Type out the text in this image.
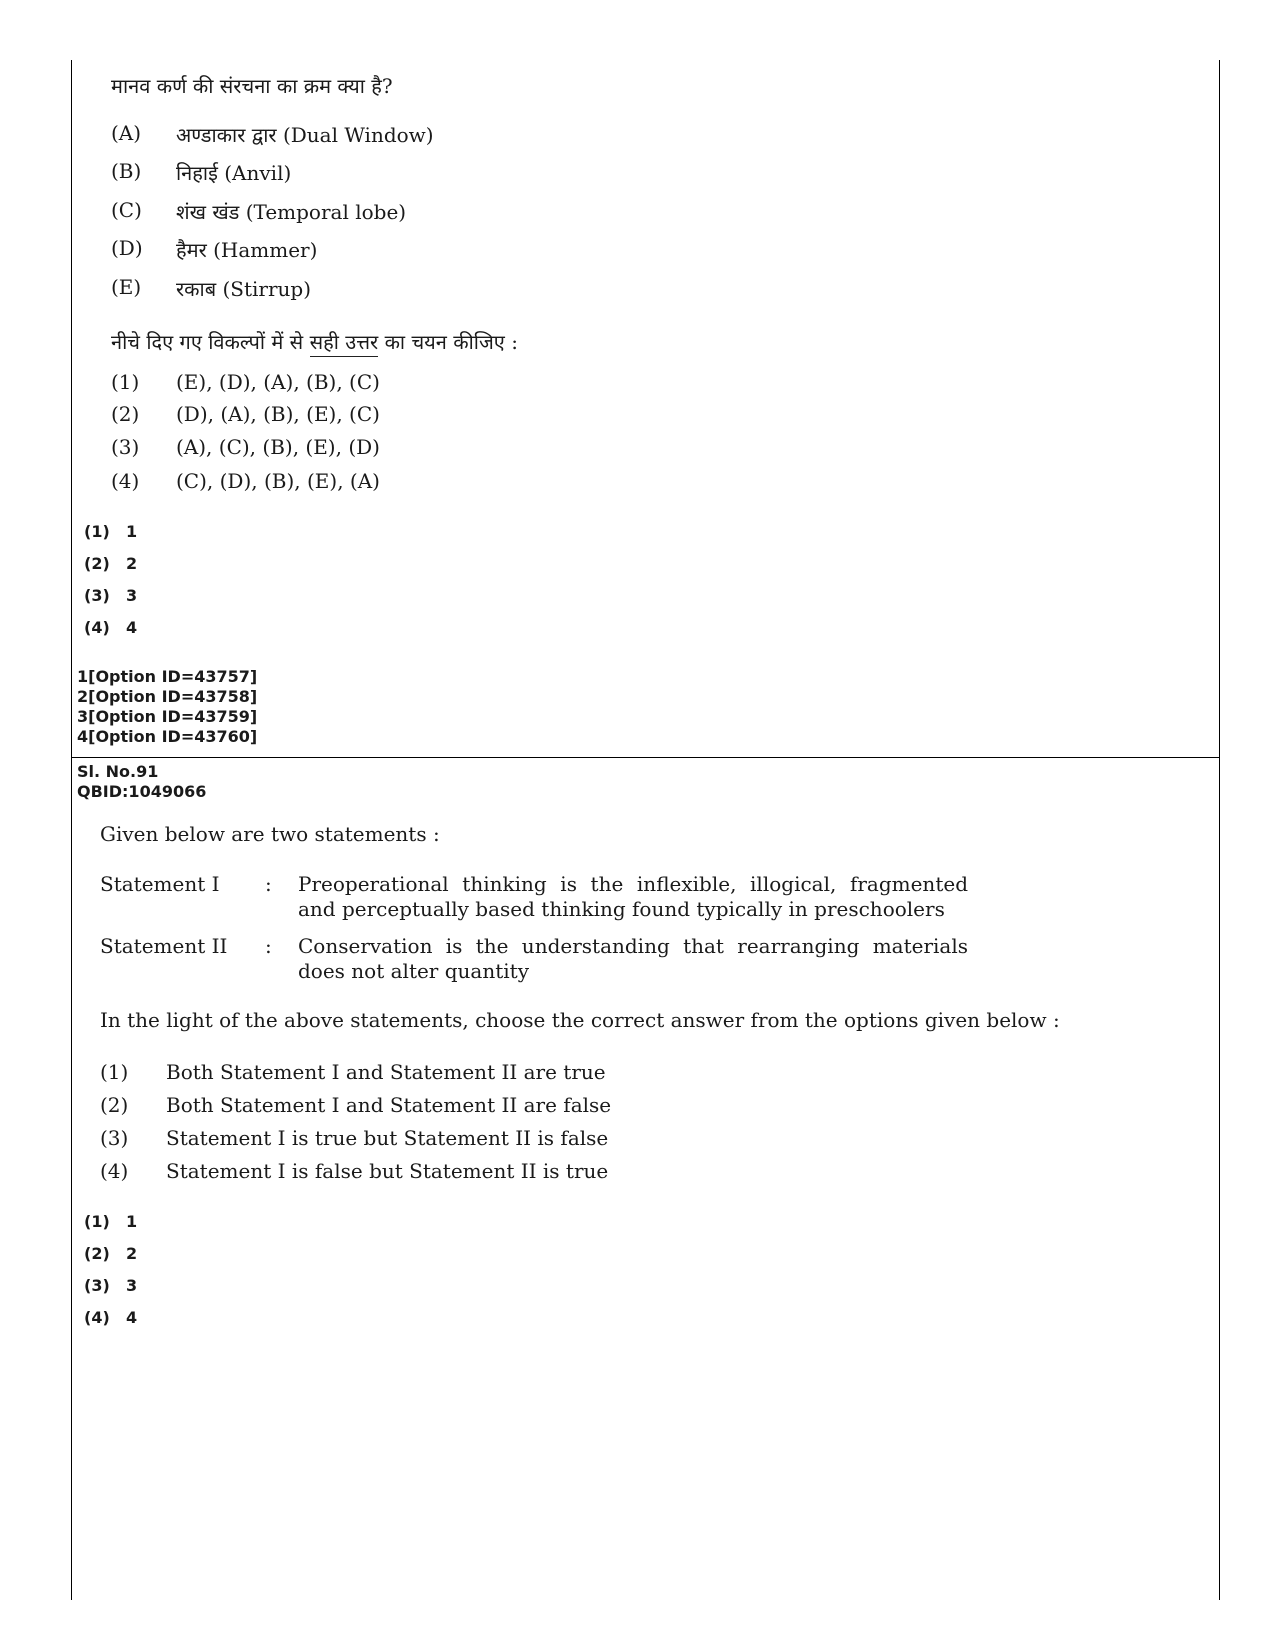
मानव कर्ण की संरचना का क्रम क्या है?

(A) अण्डाकार द्वार (Dual Window)
(B) निहाई (Anvil)
(C) शंख खंड (Temporal lobe)
(D) हैमर (Hammer)
(E) रकाब (Stirrup)

नीचे दिए गए विकल्पों में से सही उत्तर का चयन कीजिए :

(1) (E), (D), (A), (B), (C)
(2) (D), (A), (B), (E), (C)
(3) (A), (C), (B), (E), (D)
(4) (C), (D), (B), (E), (A)
(1) 1
(2) 2
(3) 3
(4) 4
1[Option ID=43757]
2[Option ID=43758]
3[Option ID=43759]
4[Option ID=43760]
Sl. No.91
QBID:1049066

Given below are two statements :

Statement I : Preoperational thinking is the inflexible, illogical, fragmented and perceptually based thinking found typically in preschoolers
Statement II : Conservation is the understanding that rearranging materials does not alter quantity

In the light of the above statements, choose the correct answer from the options given below :

(1) Both Statement I and Statement II are true
(2) Both Statement I and Statement II are false
(3) Statement I is true but Statement II is false
(4) Statement I is false but Statement II is true
(1) 1
(2) 2
(3) 3
(4) 4
